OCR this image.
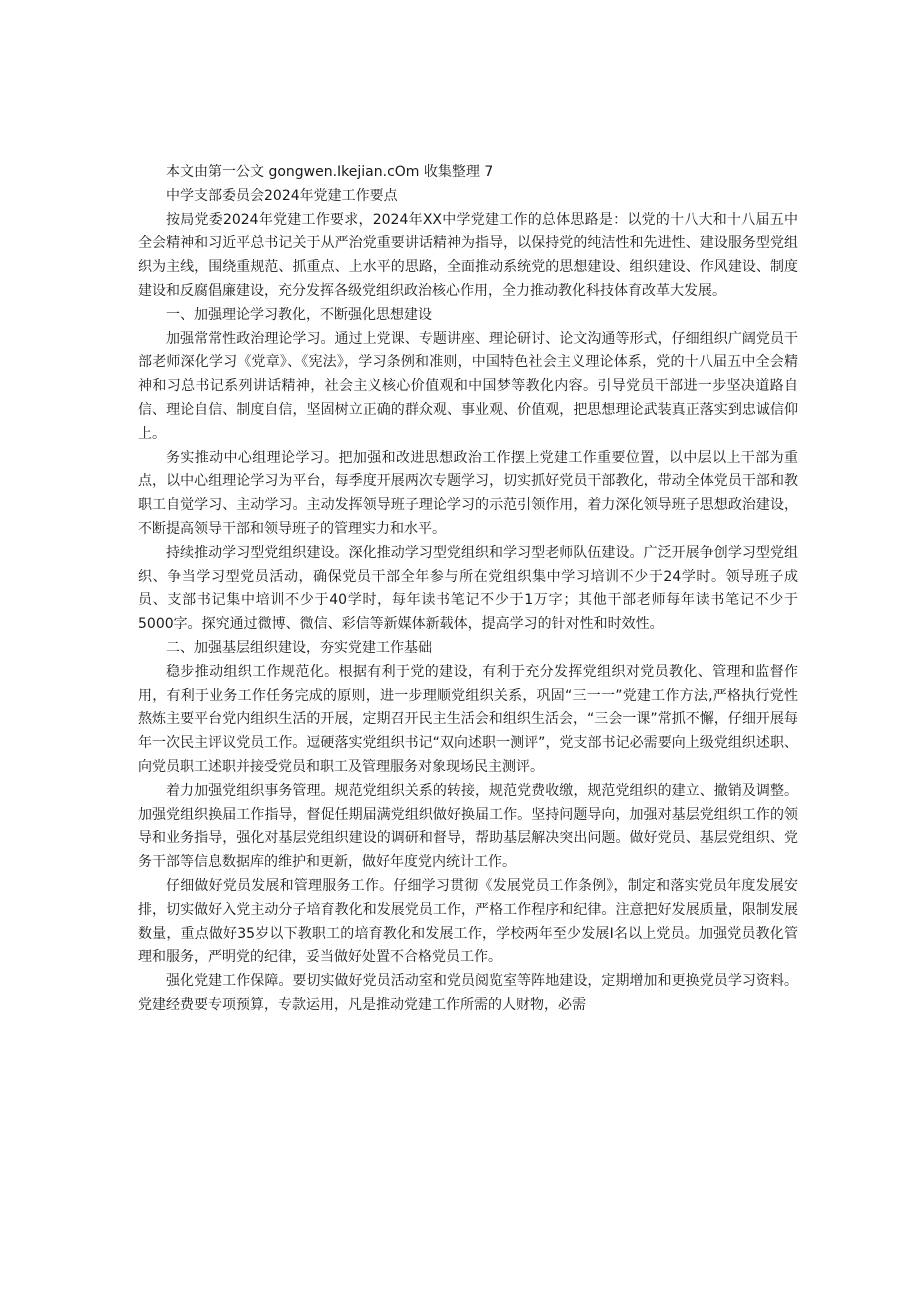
本文由第一公文 gongwen.Ikejian.cOm 收集整理 7
中学支部委员会2024年党建工作要点
按局党委2024年党建工作要求，2024年XX中学党建工作的总体思路是：以党的十八大和十八届五中全会精神和习近平总书记关于从严治党重要讲话精神为指导，以保持党的纯洁性和先进性、建设服务型党组织为主线，围绕重规范、抓重点、上水平的思路，全面推动系统党的思想建设、组织建设、作风建设、制度建设和反腐倡廉建设，充分发挥各级党组织政治核心作用，全力推动教化科技体育改革大发展。
一、加强理论学习教化，不断强化思想建设
加强常常性政治理论学习。通过上党课、专题讲座、理论研讨、论文沟通等形式，仔细组织广阔党员干部老师深化学习《党章》、《宪法》，学习条例和准则，中国特色社会主义理论体系，党的十八届五中全会精神和习总书记系列讲话精神，社会主义核心价值观和中国梦等教化内容。引导党员干部进一步坚决道路自信、理论自信、制度自信，坚固树立正确的群众观、事业观、价值观，把思想理论武装真正落实到忠诚信仰上。
务实推动中心组理论学习。把加强和改进思想政治工作摆上党建工作重要位置，以中层以上干部为重点，以中心组理论学习为平台，每季度开展两次专题学习，切实抓好党员干部教化，带动全体党员干部和教职工自觉学习、主动学习。主动发挥领导班子理论学习的示范引领作用，着力深化领导班子思想政治建设，不断提高领导干部和领导班子的管理实力和水平。
持续推动学习型党组织建设。深化推动学习型党组织和学习型老师队伍建设。广泛开展争创学习型党组织、争当学习型党员活动，确保党员干部全年参与所在党组织集中学习培训不少于24学时。领导班子成员、支部书记集中培训不少于40学时，每年读书笔记不少于1万字；其他干部老师每年读书笔记不少于5000字。探究通过微博、微信、彩信等新媒体新载体，提高学习的针对性和时效性。
二、加强基层组织建设，夯实党建工作基础
稳步推动组织工作规范化。根据有利于党的建设，有利于充分发挥党组织对党员教化、管理和监督作用，有利于业务工作任务完成的原则，进一步理顺党组织关系，巩固“三一一”党建工作方法,严格执行党性熬炼主要平台党内组织生活的开展，定期召开民主生活会和组织生活会，“三会一课”常抓不懈，仔细开展每年一次民主评议党员工作。逗硬落实党组织书记“双向述职一测评”，党支部书记必需要向上级党组织述职、向党员职工述职并接受党员和职工及管理服务对象现场民主测评。
着力加强党组织事务管理。规范党组织关系的转接，规范党费收缴，规范党组织的建立、撤销及调整。加强党组织换届工作指导，督促任期届满党组织做好换届工作。坚持问题导向，加强对基层党组织工作的领导和业务指导，强化对基层党组织建设的调研和督导，帮助基层解决突出问题。做好党员、基层党组织、党务干部等信息数据库的维护和更新，做好年度党内统计工作。
仔细做好党员发展和管理服务工作。仔细学习贯彻《发展党员工作条例》，制定和落实党员年度发展安排，切实做好入党主动分子培育教化和发展党员工作，严格工作程序和纪律。注意把好发展质量，限制发展数量，重点做好35岁以下教职工的培育教化和发展工作，学校两年至少发展I名以上党员。加强党员教化管理和服务，严明党的纪律，妥当做好处置不合格党员工作。
强化党建工作保障。要切实做好党员活动室和党员阅览室等阵地建设，定期增加和更换党员学习资料。党建经费要专项预算，专款运用，凡是推动党建工作所需的人财物，必需
